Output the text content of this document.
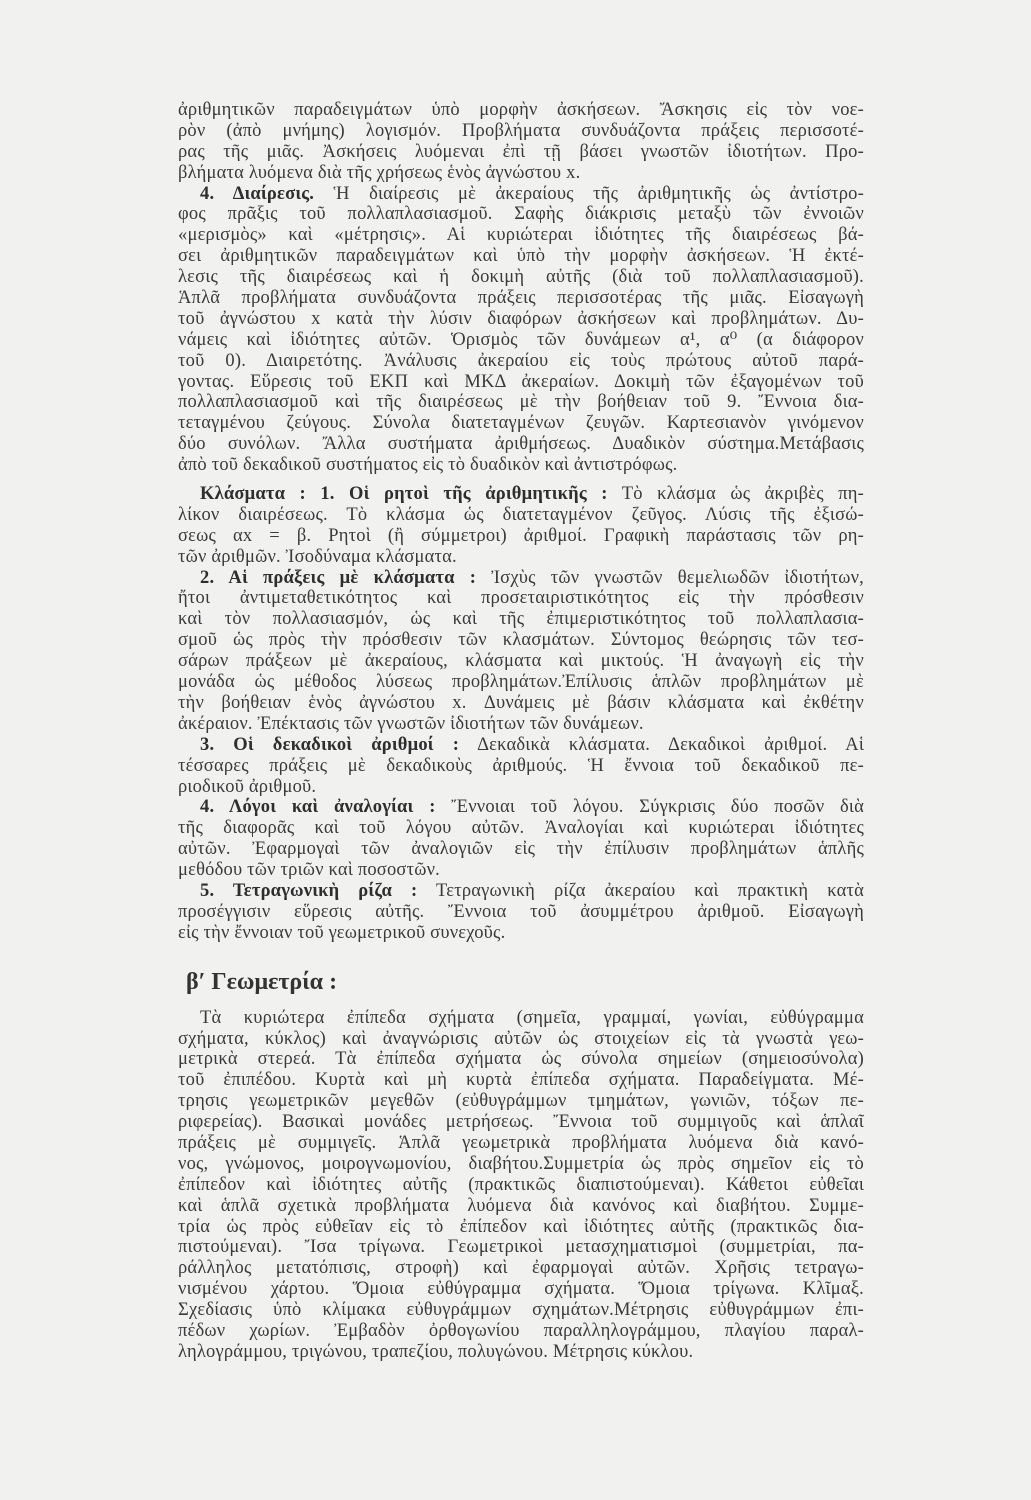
ἀριθμητικῶν παραδειγμάτων ὑπὸ μορφὴν ἀσκήσεων. Ἄσκησις εἰς τὸν νοε-
ρὸν (ἀπὸ μνήμης) λογισμόν. Προβλήματα συνδυάζοντα πράξεις περισσοτέ-
ρας τῆς μιᾶς. Ἀσκήσεις λυόμεναι ἐπὶ τῇ βάσει γνωστῶν ἰδιοτήτων. Προ-
βλήματα λυόμενα διὰ τῆς χρήσεως ἑνὸς ἀγνώστου x.
4. Διαίρεσις. Ἡ διαίρεσις μὲ ἀκεραίους τῆς ἀριθμητικῆς ὡς ἀντίστρο-
φος πρᾶξις τοῦ πολλαπλασιασμοῦ. Σαφὴς διάκρισις μεταξὺ τῶν ἐννοιῶν
«μερισμὸς» καὶ «μέτρησις». Αἱ κυριώτεραι ἰδιότητες τῆς διαιρέσεως βά-
σει ἀριθμητικῶν παραδειγμάτων καὶ ὑπὸ τὴν μορφὴν ἀσκήσεων. Ἡ ἐκτέ-
λεσις τῆς διαιρέσεως καὶ ἡ δοκιμὴ αὐτῆς (διὰ τοῦ πολλαπλασιασμοῦ).
Ἁπλᾶ προβλήματα συνδυάζοντα πράξεις περισσοτέρας τῆς μιᾶς. Εἰσαγωγὴ
τοῦ ἀγνώστου x κατὰ τὴν λύσιν διαφόρων ἀσκήσεων καὶ προβλημάτων. Δυ-
νάμεις καὶ ἰδιότητες αὐτῶν. Ὁρισμὸς τῶν δυνάμεων α¹, α⁰ (α διάφορον
τοῦ 0). Διαιρετότης. Ἀνάλυσις ἀκεραίου εἰς τοὺς πρώτους αὐτοῦ παρά-
γοντας. Εὕρεσις τοῦ ΕΚΠ καὶ ΜΚΔ ἀκεραίων. Δοκιμὴ τῶν ἐξαγομένων τοῦ
πολλαπλασιασμοῦ καὶ τῆς διαιρέσεως μὲ τὴν βοήθειαν τοῦ 9. Ἔννοια δια-
τεταγμένου ζεύγους. Σύνολα διατεταγμένων ζευγῶν. Καρτεσιανὸν γινόμενον
δύο συνόλων. Ἄλλα συστήματα ἀριθμήσεως. Δυαδικὸν σύστημα.Μετάβασις
ἀπὸ τοῦ δεκαδικοῦ συστήματος εἰς τὸ δυαδικὸν καὶ ἀντιστρόφως.
Κλάσματα : 1. Οἱ ρητοὶ τῆς ἀριθμητικῆς : Τὸ κλάσμα ὡς ἀκριβὲς πη-
λίκον διαιρέσεως. Τὸ κλάσμα ὡς διατεταγμένον ζεῦγος. Λύσις τῆς ἐξισώ-
σεως αx = β. Ρητοὶ (ἢ σύμμετροι) ἀριθμοί. Γραφικὴ παράστασις τῶν ρη-
τῶν ἀριθμῶν. Ἰσοδύναμα κλάσματα.
2. Αἱ πράξεις μὲ κλάσματα : Ἰσχὺς τῶν γνωστῶν θεμελιωδῶν ἰδιοτήτων,
ἤτοι ἀντιμεταθετικότητος καὶ προσεταιριστικότητος εἰς τὴν πρόσθεσιν
καὶ τὸν πολλασιασμόν, ὡς καὶ τῆς ἐπιμεριστικότητος τοῦ πολλαπλασια-
σμοῦ ὡς πρὸς τὴν πρόσθεσιν τῶν κλασμάτων. Σύντομος θεώρησις τῶν τεσ-
σάρων πράξεων μὲ ἀκεραίους, κλάσματα καὶ μικτούς. Ἡ ἀναγωγὴ εἰς τὴν
μονάδα ὡς μέθοδος λύσεως προβλημάτων.Ἐπίλυσις ἁπλῶν προβλημάτων μὲ
τὴν βοήθειαν ἑνὸς ἀγνώστου x. Δυνάμεις μὲ βάσιν κλάσματα καὶ ἐκθέτην
ἀκέραιον. Ἐπέκτασις τῶν γνωστῶν ἰδιοτήτων τῶν δυνάμεων.
3. Οἱ δεκαδικοὶ ἀριθμοί : Δεκαδικὰ κλάσματα. Δεκαδικοὶ ἀριθμοί. Αἱ
τέσσαρες πράξεις μὲ δεκαδικοὺς ἀριθμούς. Ἡ ἔννοια τοῦ δεκαδικοῦ πε-
ριοδικοῦ ἀριθμοῦ.
4. Λόγοι καὶ ἀναλογίαι : Ἔννοιαι τοῦ λόγου. Σύγκρισις δύο ποσῶν διὰ
τῆς διαφορᾶς καὶ τοῦ λόγου αὐτῶν. Ἀναλογίαι καὶ κυριώτεραι ἰδιότητες
αὐτῶν. Ἐφαρμογαὶ τῶν ἀναλογιῶν εἰς τὴν ἐπίλυσιν προβλημάτων ἁπλῆς
μεθόδου τῶν τριῶν καὶ ποσοστῶν.
5. Τετραγωνικὴ ρίζα : Τετραγωνικὴ ρίζα ἀκεραίου καὶ πρακτικὴ κατὰ
προσέγγισιν εὕρεσις αὐτῆς. Ἔννοια τοῦ ἀσυμμέτρου ἀριθμοῦ. Εἰσαγωγὴ
εἰς τὴν ἔννοιαν τοῦ γεωμετρικοῦ συνεχοῦς.
β′ Γεωμετρία :
Τὰ κυριώτερα ἐπίπεδα σχήματα (σημεῖα, γραμμαί, γωνίαι, εὐθύγραμμα
σχήματα, κύκλος) καὶ ἀναγνώρισις αὐτῶν ὡς στοιχείων εἰς τὰ γνωστὰ γεω-
μετρικὰ στερεά. Τὰ ἐπίπεδα σχήματα ὡς σύνολα σημείων (σημειοσύνολα)
τοῦ ἐπιπέδου. Κυρτὰ καὶ μὴ κυρτὰ ἐπίπεδα σχήματα. Παραδείγματα. Μέ-
τρησις γεωμετρικῶν μεγεθῶν (εὐθυγράμμων τμημάτων, γωνιῶν, τόξων πε-
ριφερείας). Βασικαὶ μονάδες μετρήσεως. Ἔννοια τοῦ συμμιγοῦς καὶ ἁπλαῖ
πράξεις μὲ συμμιγεῖς. Ἁπλᾶ γεωμετρικὰ προβλήματα λυόμενα διὰ κανό-
νος, γνώμονος, μοιρογνωμονίου, διαβήτου.Συμμετρία ὡς πρὸς σημεῖον εἰς τὸ
ἐπίπεδον καὶ ἰδιότητες αὐτῆς (πρακτικῶς διαπιστούμεναι). Κάθετοι εὐθεῖαι
καὶ ἁπλᾶ σχετικὰ προβλήματα λυόμενα διὰ κανόνος καὶ διαβήτου. Συμμε-
τρία ὡς πρὸς εὐθεῖαν εἰς τὸ ἐπίπεδον καὶ ἰδιότητες αὐτῆς (πρακτικῶς δια-
πιστούμεναι). Ἴσα τρίγωνα. Γεωμετρικοὶ μετασχηματισμοὶ (συμμετρίαι, πα-
ράλληλος μετατόπισις, στροφὴ) καὶ ἐφαρμογαὶ αὐτῶν. Χρῆσις τετραγω-
νισμένου χάρτου. Ὅμοια εὐθύγραμμα σχήματα. Ὅμοια τρίγωνα. Κλῖμαξ.
Σχεδίασις ὑπὸ κλίμακα εὐθυγράμμων σχημάτων.Μέτρησις εὐθυγράμμων ἐπι-
πέδων χωρίων. Ἐμβαδὸν ὀρθογωνίου παραλληλογράμμου, πλαγίου παραλ-
ληλογράμμου, τριγώνου, τραπεζίου, πολυγώνου. Μέτρησις κύκλου.
